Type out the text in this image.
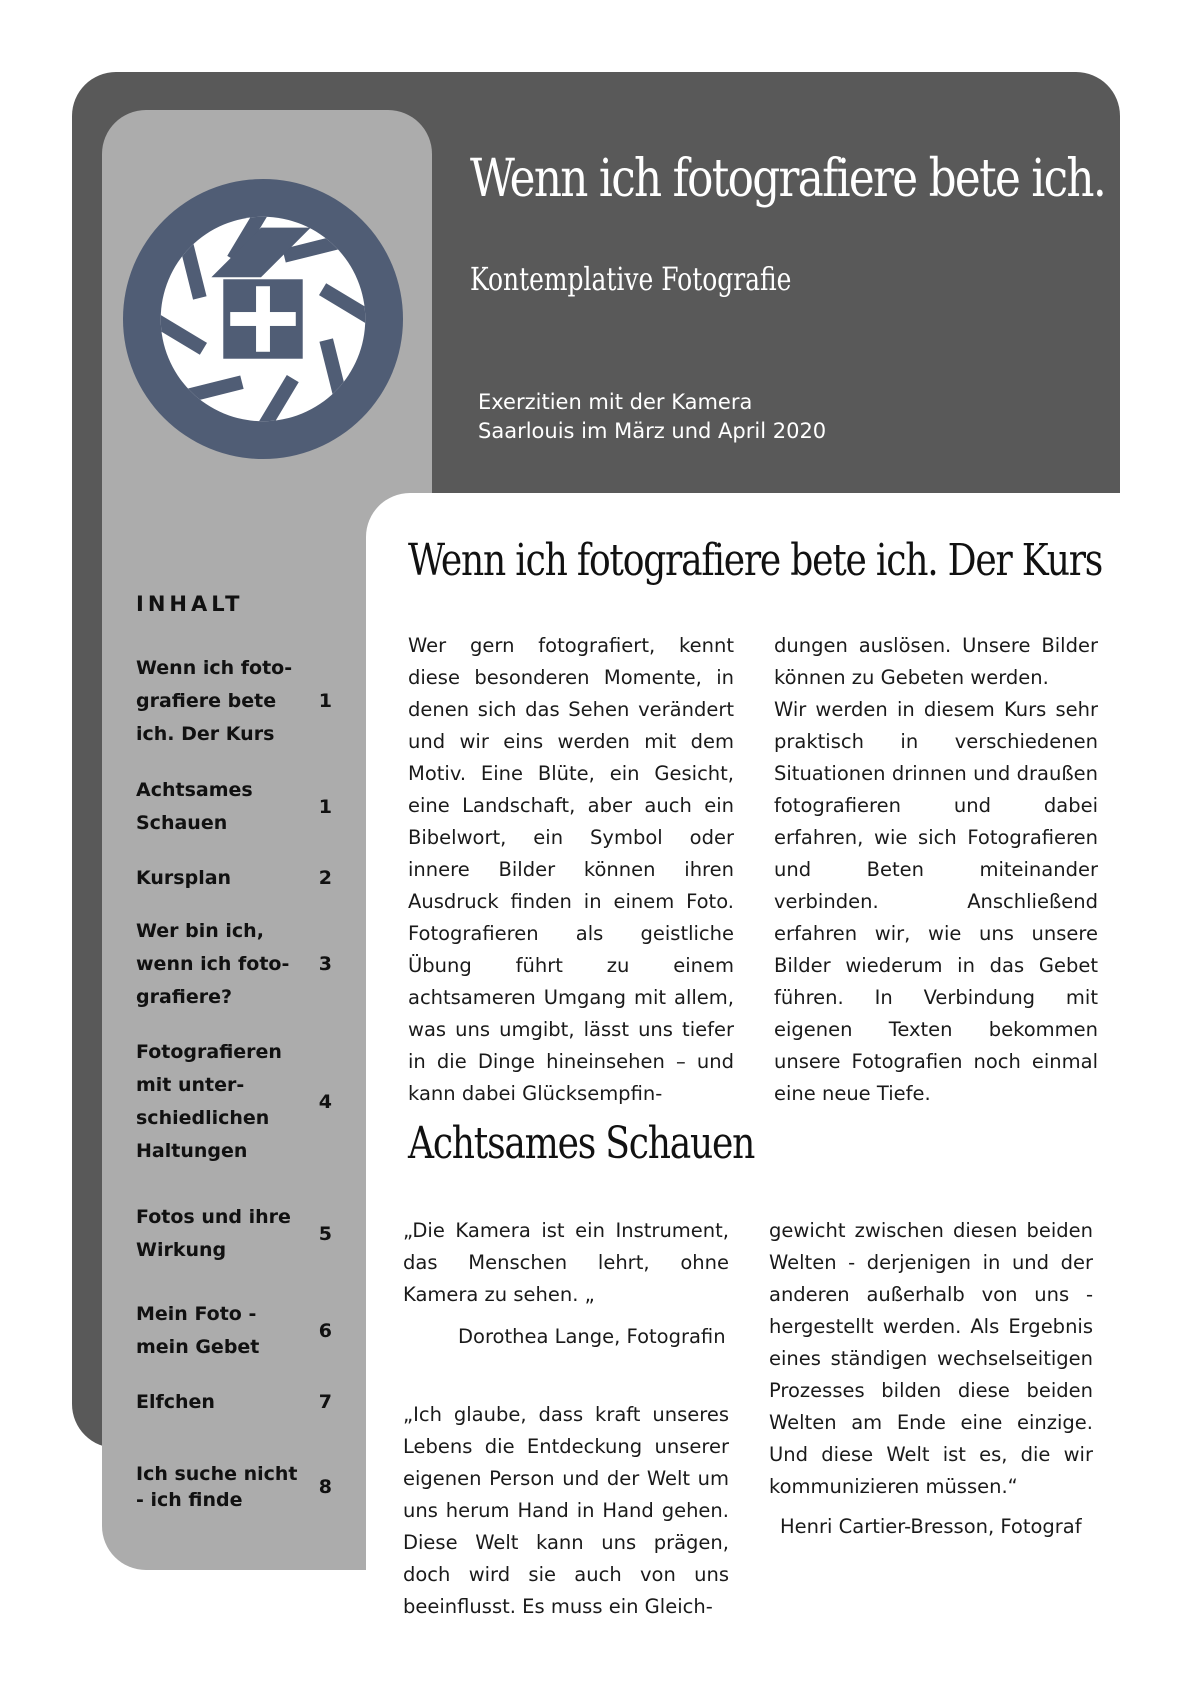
Wenn ich fotografiere bete ich.
Kontemplative Fotografie
Exerzitien mit der Kamera
Saarlouis im März und April 2020
INHALT
Wenn ich foto-grafiere bete ich. Der Kurs
1
Achtsames Schauen
1
Kursplan	2
Wer bin ich, wenn ich foto-grafiere?
3
Fotografieren mit unter-schiedlichen Haltungen
4
Fotos und ihre Wirkung
5
Mein Foto - mein Gebet
6
Elfchen	7
Ich suche nicht - ich finde
8
Wenn ich fotografiere bete ich. Der Kurs

Wer gern fotografiert, kennt diese besonderen Momente, in denen sich das Sehen verändert und wir eins werden mit dem Motiv. Eine Blüte, ein Gesicht, eine Landschaft, aber auch ein Bibelwort, ein Symbol oder innere Bilder können ihren Ausdruck finden in einem Foto. Fotografieren als geistliche Übung führt zu einem achtsameren Umgang mit allem, was uns umgibt, lässt uns tiefer in die Dinge hineinsehen – und kann dabei Glücksempfin-

dungen auslösen. Unsere Bilder können zu Gebeten werden.

Wir werden in diesem Kurs sehr praktisch in verschiedenen Situationen drinnen und draußen fotografieren und dabei erfahren, wie sich Fotografieren und Beten miteinander verbinden. Anschließend erfahren wir, wie uns unsere Bilder wiederum in das Gebet führen. In Verbindung mit eigenen Texten bekommen unsere Fotografien noch einmal eine neue Tiefe.

Achtsames Schauen

„Die Kamera ist ein Instrument, das Menschen lehrt, ohne Kamera zu sehen. „

Dorothea Lange, Fotografin

„Ich glaube, dass kraft unseres Lebens die Entdeckung unserer eigenen Person und der Welt um uns herum Hand in Hand gehen. Diese Welt kann uns prägen, doch wird sie auch von uns beeinflusst. Es muss ein Gleich-

gewicht zwischen diesen beiden Welten - derjenigen in und der anderen außerhalb von uns - hergestellt werden. Als Ergebnis eines ständigen wechselseitigen Prozesses bilden diese beiden Welten am Ende eine einzige. Und diese Welt ist es, die wir kommunizieren müssen.“

Henri Cartier-Bresson, Fotograf
